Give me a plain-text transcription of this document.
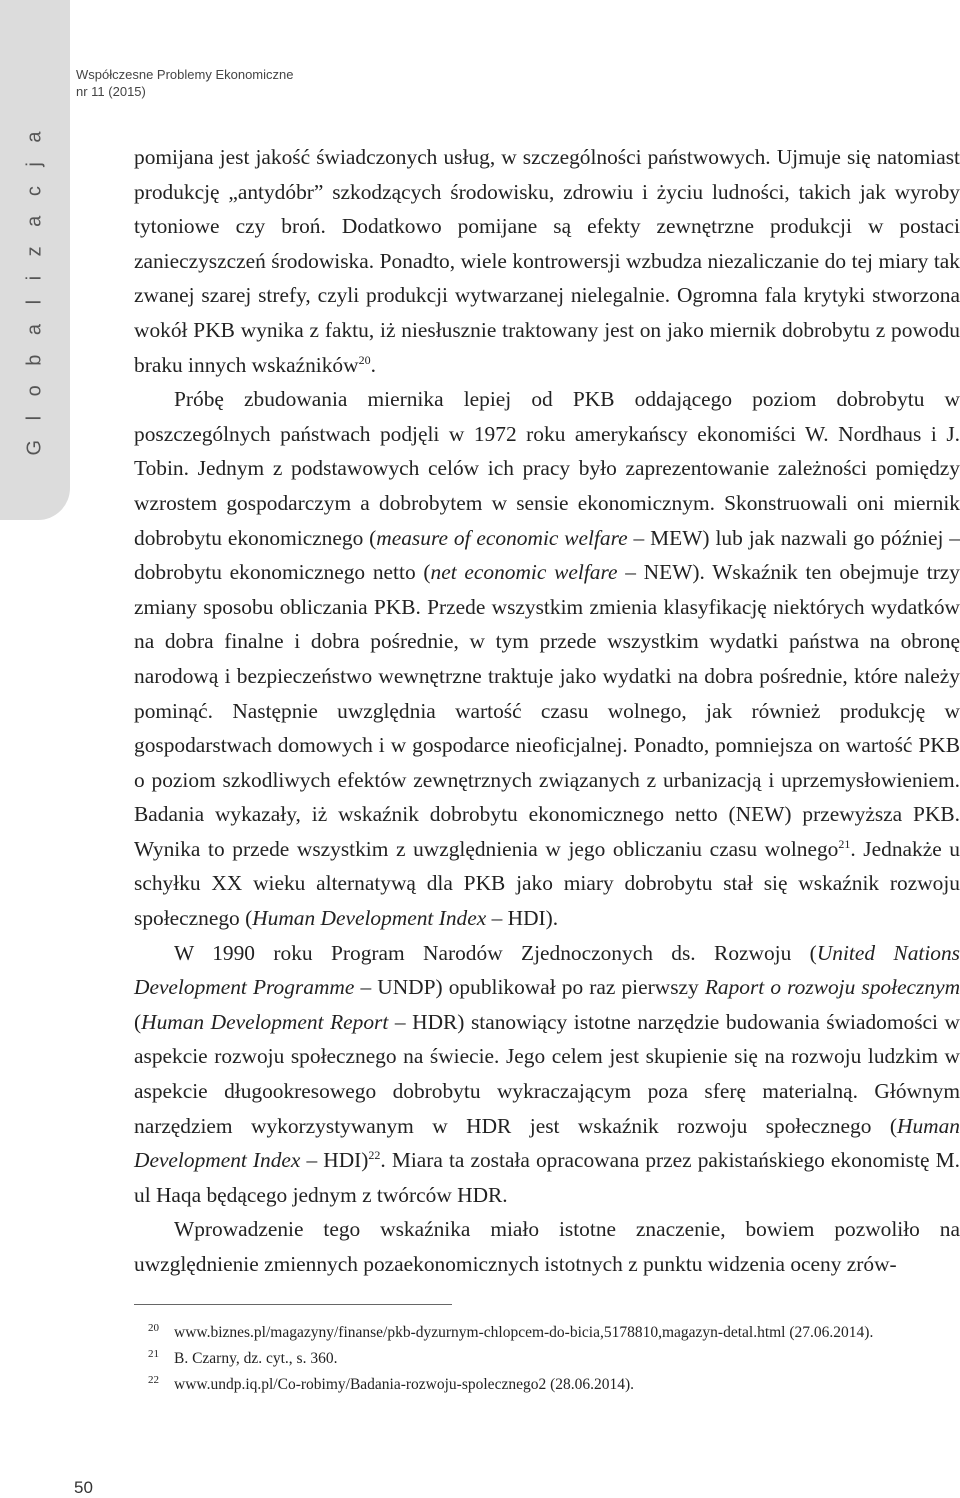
G l o b a l i z a c j a
Współczesne Problemy Ekonomiczne
nr 11 (2015)

pomijana jest jakość świadczonych usług, w szczególności państwowych. Ujmuje się natomiast produkcję „antydóbr” szkodzących środowisku, zdrowiu i życiu ludności, takich jak wyroby tytoniowe czy broń. Dodatkowo pomijane są efekty zewnętrzne produkcji w postaci zanieczyszczeń środowiska. Ponadto, wiele kontrowersji wzbudza niezaliczanie do tej miary tak zwanej szarej strefy, czyli produkcji wytwarzanej nielegalnie. Ogromna fala krytyki stworzona wokół PKB wynika z faktu, iż niesłusznie traktowany jest on jako miernik dobrobytu z powodu braku innych wskaźników$^{20}$.

Próbę zbudowania miernika lepiej od PKB oddającego poziom dobrobytu w poszczególnych państwach podjęli w 1972 roku amerykańscy ekonomiści W. Nordhaus i J. Tobin. Jednym z podstawowych celów ich pracy było zaprezentowanie zależności pomiędzy wzrostem gospodarczym a dobrobytem w sensie ekonomicznym. Skonstruowali oni miernik dobrobytu ekonomicznego (measure of economic welfare – MEW) lub jak nazwali go później – dobrobytu ekonomicznego netto (net economic welfare – NEW). Wskaźnik ten obejmuje trzy zmiany sposobu obliczania PKB. Przede wszystkim zmienia klasyfikację niektórych wydatków na dobra finalne i dobra pośrednie, w tym przede wszystkim wydatki państwa na obronę narodową i bezpieczeństwo wewnętrzne traktuje jako wydatki na dobra pośrednie, które należy pominąć. Następnie uwzględnia wartość czasu wolnego, jak również produkcję w gospodarstwach domowych i w gospodarce nieoficjalnej. Ponadto, pomniejsza on wartość PKB o poziom szkodliwych efektów zewnętrznych związanych z urbanizacją i uprzemysłowieniem. Badania wykazały, iż wskaźnik dobrobytu ekonomicznego netto (NEW) przewyższa PKB. Wynika to przede wszystkim z uwzględnienia w jego obliczaniu czasu wolnego$^{21}$. Jednakże u schyłku XX wieku alternatywą dla PKB jako miary dobrobytu stał się wskaźnik rozwoju społecznego (Human Development Index – HDI).

W 1990 roku Program Narodów Zjednoczonych ds. Rozwoju (United Nations Development Programme – UNDP) opublikował po raz pierwszy Raport o rozwoju społecznym (Human Development Report – HDR) stanowiący istotne narzędzie budowania świadomości w aspekcie rozwoju społecznego na świecie. Jego celem jest skupienie się na rozwoju ludzkim w aspekcie długookresowego dobrobytu wykraczającym poza sferę materialną. Głównym narzędziem wykorzystywanym w HDR jest wskaźnik rozwoju społecznego (Human Development Index – HDI)$^{22}$. Miara ta została opracowana przez pakistańskiego ekonomistę M. ul Haqa będącego jednym z twórców HDR.

Wprowadzenie tego wskaźnika miało istotne znaczenie, bowiem pozwoliło na uwzględnienie zmiennych pozaekonomicznych istotnych z punktu widzenia oceny zrów-

20 www.biznes.pl/magazyny/finanse/pkb-dyzurnym-chlopcem-do-bicia,5178810,magazyn-detal.html (27.06.2014).

21 B. Czarny, dz. cyt., s. 360.

22 www.undp.iq.pl/Co-robimy/Badania-rozwoju-spolecznego2 (28.06.2014).

50
